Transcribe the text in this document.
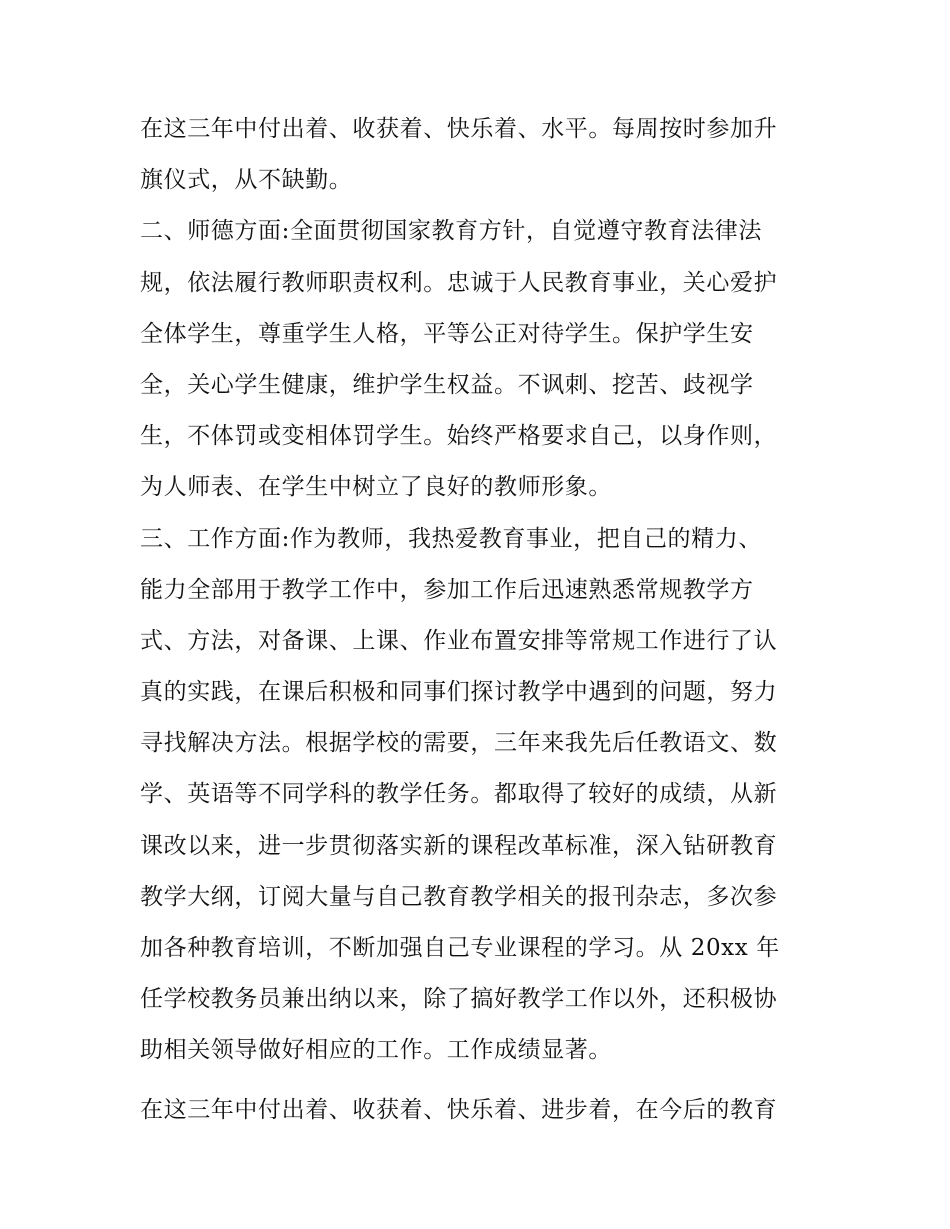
在这三年中付出着、收获着、快乐着、水平。每周按时参加升
旗仪式，从不缺勤。
二、师德方面:全面贯彻国家教育方针，自觉遵守教育法律法
规，依法履行教师职责权利。忠诚于人民教育事业，关心爱护
全体学生，尊重学生人格，平等公正对待学生。保护学生安
全，关心学生健康，维护学生权益。不讽刺、挖苦、歧视学
生，不体罚或变相体罚学生。始终严格要求自己，以身作则，
为人师表、在学生中树立了良好的教师形象。
三、工作方面:作为教师，我热爱教育事业，把自己的精力、
能力全部用于教学工作中，参加工作后迅速熟悉常规教学方
式、方法，对备课、上课、作业布置安排等常规工作进行了认
真的实践，在课后积极和同事们探讨教学中遇到的问题，努力
寻找解决方法。根据学校的需要，三年来我先后任教语文、数
学、英语等不同学科的教学任务。都取得了较好的成绩，从新
课改以来，进一步贯彻落实新的课程改革标准，深入钻研教育
教学大纲，订阅大量与自己教育教学相关的报刊杂志，多次参
加各种教育培训，不断加强自己专业课程的学习。从 20xx 年
任学校教务员兼出纳以来，除了搞好教学工作以外，还积极协
助相关领导做好相应的工作。工作成绩显著。
在这三年中付出着、收获着、快乐着、进步着，在今后的教育
